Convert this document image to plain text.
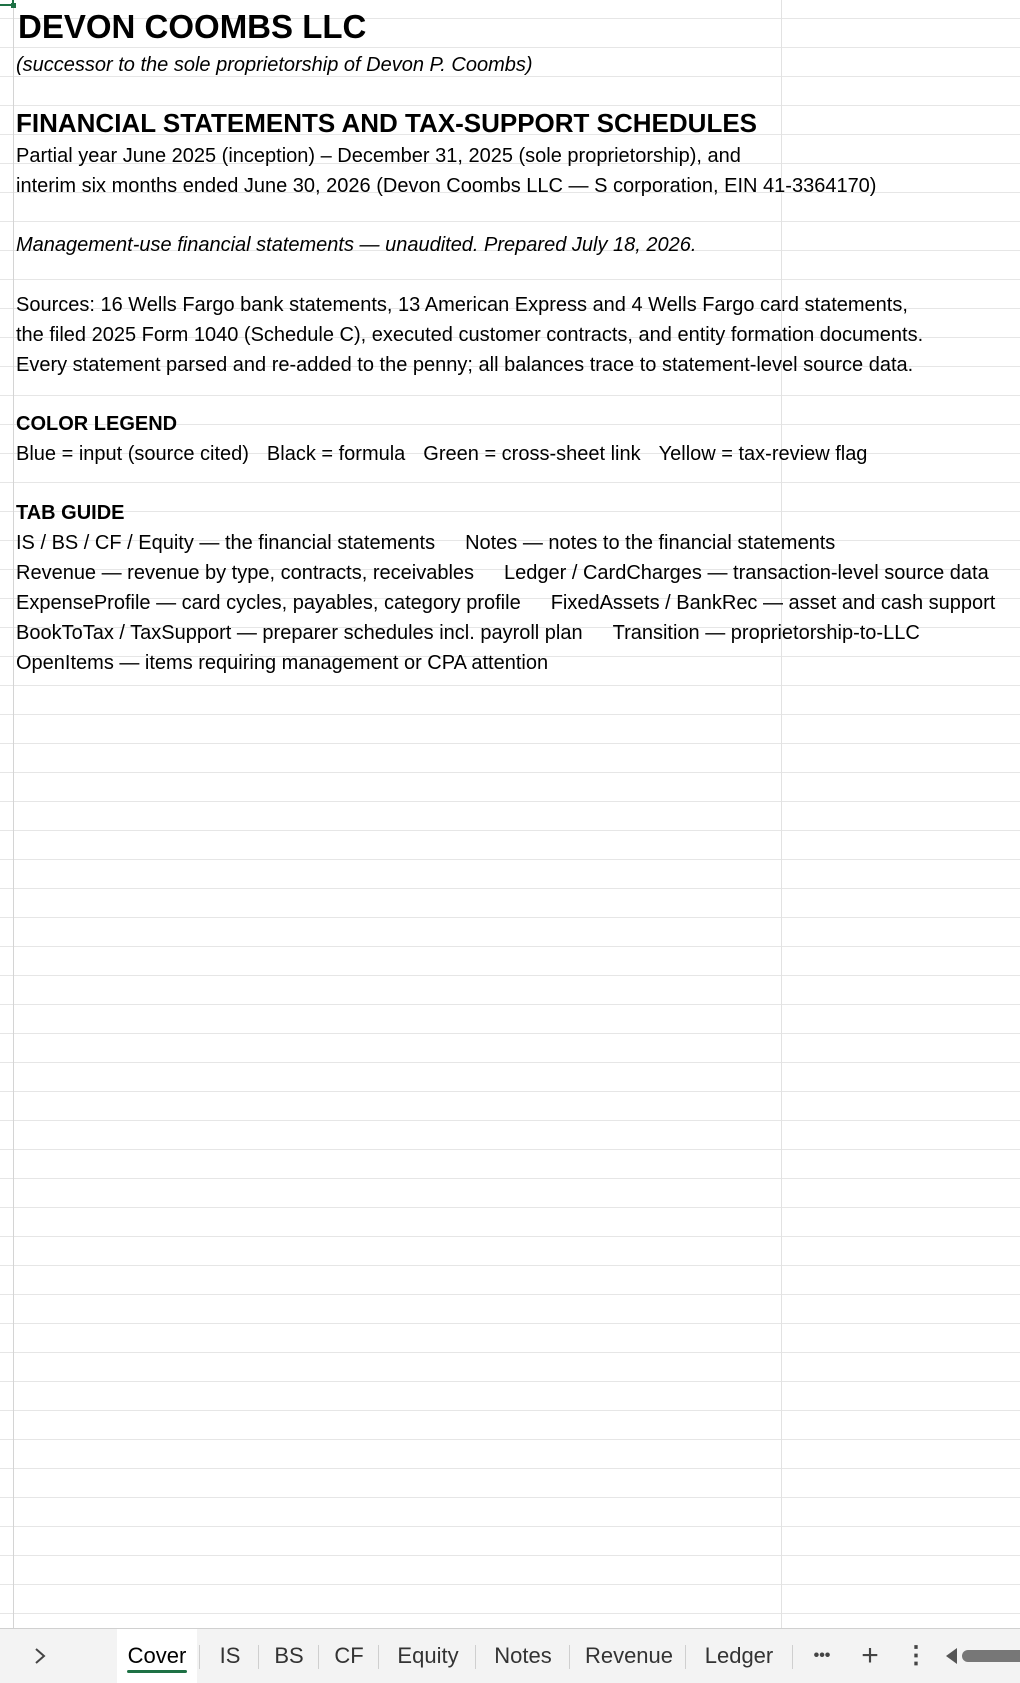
DEVON COOMBS LLC
(successor to the sole proprietorship of Devon P. Coombs)
FINANCIAL STATEMENTS AND TAX-SUPPORT SCHEDULES
Partial year June 2025 (inception) – December 31, 2025 (sole proprietorship), and
interim six months ended June 30, 2026 (Devon Coombs LLC — S corporation, EIN 41-3364170)
Management-use financial statements — unaudited. Prepared July 18, 2026.
Sources: 16 Wells Fargo bank statements, 13 American Express and 4 Wells Fargo card statements,
the filed 2025 Form 1040 (Schedule C), executed customer contracts, and entity formation documents.
Every statement parsed and re-added to the penny; all balances trace to statement-level source data.
COLOR LEGEND
Blue = input (source cited) Black = formula Green = cross-sheet link Yellow = tax-review flag
TAB GUIDE
IS / BS / CF / Equity — the financial statements Notes — notes to the financial statements
Revenue — revenue by type, contracts, receivables Ledger / CardCharges — transaction-level source data
ExpenseProfile — card cycles, payables, category profile FixedAssets / BankRec — asset and cash support
BookToTax / TaxSupport — preparer schedules incl. payroll plan Transition — proprietorship-to-LLC
OpenItems — items requiring management or CPA attention
Cover	IS	BS	CF	Equity	Notes	Revenue	Ledger	•••	+	⋮
